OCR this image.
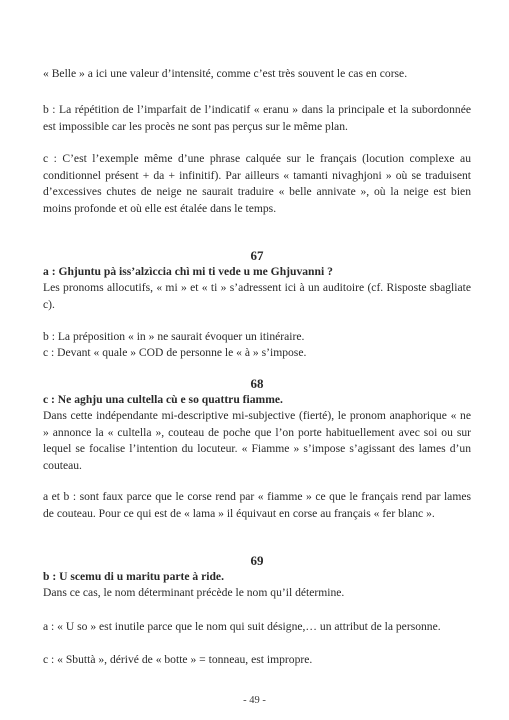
« Belle » a ici une valeur d’intensité, comme c’est très souvent le cas en corse.

b : La répétition de l’imparfait de l’indicatif « eranu » dans la principale et la subordonnée est impossible car les procès ne sont pas perçus sur le même plan.

c : C’est l’exemple même d’une phrase calquée sur le français (locution complexe au conditionnel présent + da + infinitif). Par ailleurs « tamanti nivaghjoni » où se traduisent d’excessives chutes de neige ne saurait traduire « belle annivate », où la neige est bien moins profonde et où elle est étalée dans le temps.

67

a : Ghjuntu pà iss’alzìccia chì mi ti vede u me Ghjuvanni ?

Les pronoms allocutifs, « mi » et « ti » s’adressent ici à un auditoire (cf. Risposte sbagliate c).

b : La préposition « in » ne saurait évoquer un itinéraire.

c : Devant « quale » COD de personne le « à » s’impose.

68

c : Ne aghju una cultella cù e so quattru fiamme.

Dans cette indépendante mi-descriptive mi-subjective (fierté), le pronom anaphorique « ne » annonce la « cultella », couteau de poche que l’on porte habituellement avec soi ou sur lequel se focalise l’intention du locuteur. « Fiamme » s’impose s’agissant des lames d’un couteau.

a et b : sont faux parce que le corse rend par « fiamme » ce que le français rend par lames de couteau. Pour ce qui est de « lama » il équivaut en corse au français « fer blanc ».

69

b : U scemu di u maritu parte à ride.

Dans ce cas, le nom déterminant précède le nom qu’il détermine.

a : « U so » est inutile parce que le nom qui suit désigne,… un attribut de la personne.

c : « Sbuttà », dérivé de « botte » = tonneau, est impropre.

- 49 -
